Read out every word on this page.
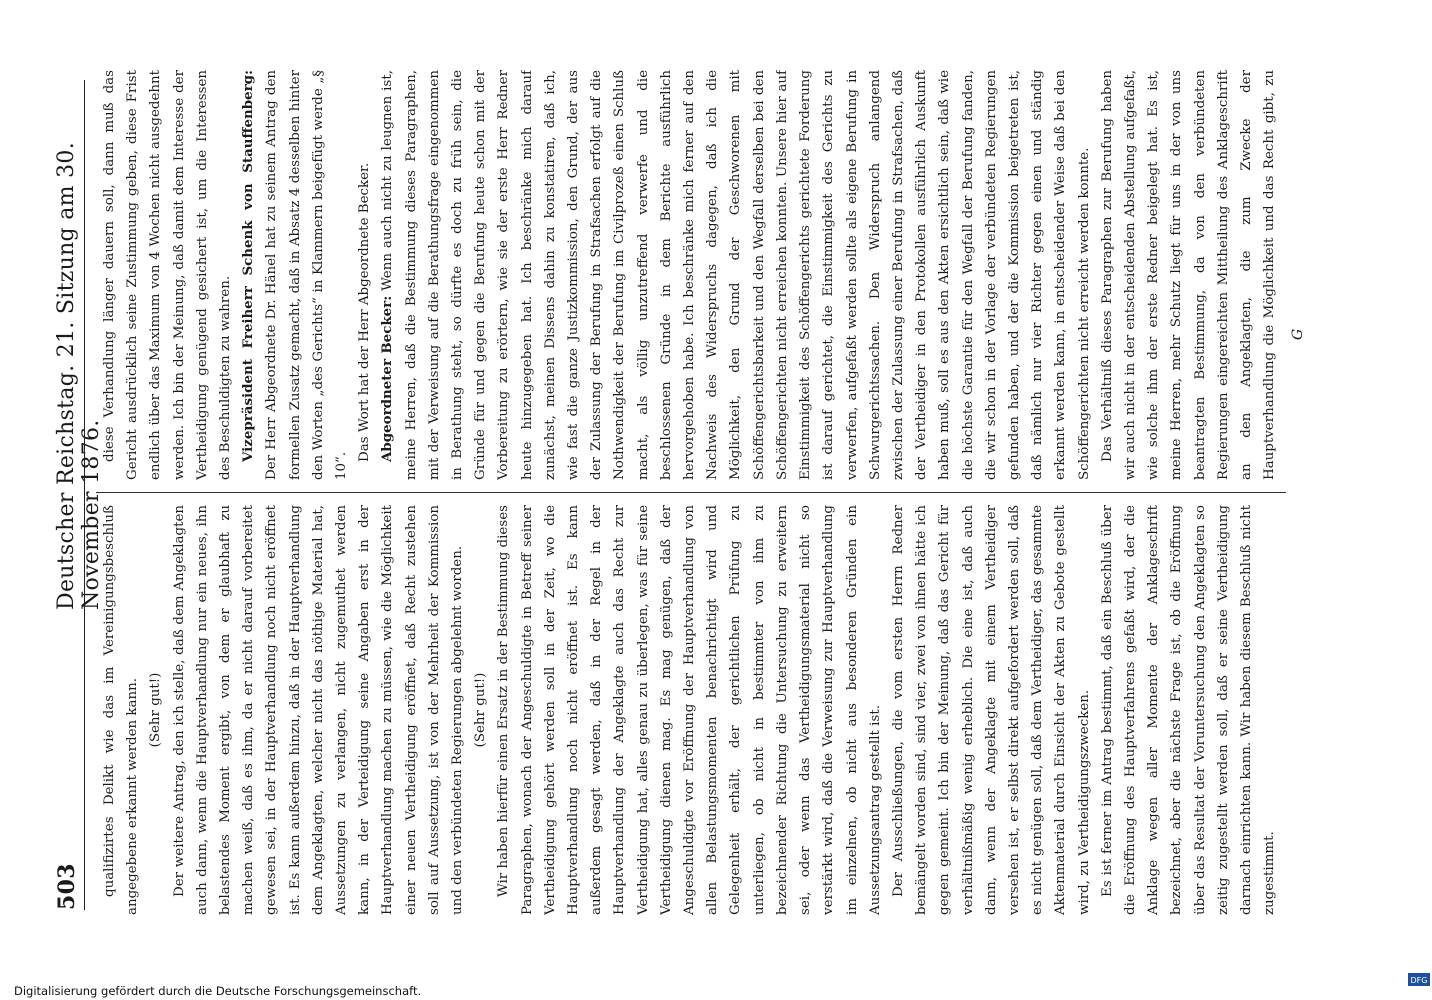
503
Deutscher Reichstag. 21. Sitzung am 30. November 1876.

qualifizirtes Delikt wie das im Vereinigungsbeschluß angegebene erkannt werden kann. (Sehr gut!) Der weitere Antrag, den ich stelle, daß dem Angeklagten auch dann, wenn die Hauptverhandlung nur ein neues, ihn belastendes Moment ergibt, von dem er glaubhaft zu machen weiß, daß es ihm, da er nicht darauf vorbereitet gewesen sei, in der Hauptverhandlung noch nicht eröffnet ist. Es kann außerdem hinzu, daß in der Hauptverhandlung dem Angeklagten, welcher nicht das nöthige Material hat, Aussetzungen zu verlangen, nicht zugemuthet werden kann, in der Verteidigung seine Angaben erst in der Hauptverhandlung machen zu müssen, wie die Möglichkeit einer neuen Vertheidigung eröffnet, daß Recht zustehen soll auf Aussetzung, ist von der Mehrheit der Kommission und den verbündeten Regierungen abgelehnt worden. (Sehr gut!) Wir haben hierfür einen Ersatz in der Bestimmung dieses Paragraphen, wonach der Angeschuldigte in Betreff seiner Vertheidigung gehört werden soll in der Zeit, wo die Hauptverhandlung noch nicht eröffnet ist. Es kann außerdem gesagt werden, daß in der Regel in der Hauptverhandlung der Angeklagte auch das Recht zur Vertheidigung hat, alles genau zu überlegen, was für seine Vertheidigung dienen mag. Es mag genügen, daß der Angeschuldigte vor Eröffnung der Hauptverhandlung von allen Belastungsmomenten benachrichtigt wird und Gelegenheit erhält, der gerichtlichen Prüfung zu unterliegen, ob nicht in bestimmter von ihm zu bezeichnender Richtung die Untersuchung zu erweitern sei, oder wenn das Vertheidigungsmaterial nicht so verstärkt wird, daß die Verweisung zur Hauptverhandlung im einzelnen, ob nicht aus besonderen Gründen ein Aussetzungsantrag gestellt ist. Der Ausschließungen, die vom ersten Herrn Redner bemängelt worden sind, sind vier, zwei von ihnen hätte ich gegen gemeint. Ich bin der Meinung, daß das Gericht für verhältnißmäßig wenig erheblich. Die eine ist, daß auch dann, wenn der Angeklagte mit einem Vertheidiger versehen ist, er selbst direkt aufgefordert werden soll, daß es nicht genügen soll, daß dem Vertheidiger, das gesammte Aktenmaterial durch Einsicht der Akten zu Gebote gestellt wird, zu Vertheidigungszwecken. Es ist ferner im Antrag bestimmt, daß ein Beschluß über die Eröffnung des Hauptverfahrens gefaßt wird, der die Anklage wegen aller Momente der Anklageschrift bezeichnet, aber die nächste Frage ist, ob die Eröffnung über das Resultat der Voruntersuchung den Angeklagten so zeitig zugestellt werden soll, daß er seine Vertheidigung darnach einrichten kann. Wir haben diesem Beschluß nicht zugestimmt.

diese Verhandlung länger dauern soll, dann muß das Gericht ausdrücklich seine Zustimmung geben, diese Frist endlich über das Maximum von 4 Wochen nicht ausgedehnt werden. Ich bin der Meinung, daß damit dem Interesse der Vertheidigung genügend gesichert ist, um die Interessen des Beschuldigten zu wahren. Vizepräsident Freiherr Schenk von Stauffenberg: Der Herr Abgeordnete Dr. Hänel hat zu seinem Antrag den formellen Zusatz gemacht, daß in Absatz 4 desselben hinter den Worten „des Gerichts“ in Klammern beigefügt werde „§ 10“.

Das Wort hat der Herr Abgeordnete Becker. Abgeordneter Becker: Wenn auch nicht zu leugnen ist, meine Herren, daß die Bestimmung dieses Paragraphen, mit der Verweisung auf die Berathungsfrage eingenommen in Berathung steht, so dürfte es doch zu früh sein, die Gründe für und gegen die Berufung heute schon mit der Vorbereitung zu erörtern, wie sie der erste Herr Redner heute hinzugegeben hat. Ich beschränke mich darauf zunächst, meinen Dissens dahin zu konstatiren, daß ich, wie fast die ganze Justizkommission, den Grund, der aus der Zulassung der Berufung in Strafsachen erfolgt auf die Nothwendigkeit der Berufung im Civilprozeß einen Schluß macht, als völlig unzutreffend verwerfe und die beschlossenen Gründe in dem Berichte ausführlich hervorgehoben habe. Ich beschränke mich ferner auf den Nachweis des Widerspruchs dagegen, daß ich die Möglichkeit, den Grund der Geschworenen mit Schöffengerichtsbarkeit und den Wegfall derselben bei den Schöffengerichten nicht erreichen konnten. Unsere hier auf Einstimmigkeit des Schöffengerichts gerichtete Forderung ist darauf gerichtet, die Einstimmigkeit des Gerichts zu verwerfen, aufgefaßt werden sollte als eigene Berufung in Schwurgerichtssachen. Den Widerspruch anlangend zwischen der Zulassung einer Berufung in Strafsachen, daß der Vertheidiger in den Protokollen ausführlich Auskunft haben muß, soll es aus den Akten ersichtlich sein, daß wie die höchste Garantie für den Wegfall der Berufung fanden, die wir schon in der Vorlage der verbündeten Regierungen gefunden haben, und der die Kommission beigetreten ist, daß nämlich nur vier Richter gegen einen und ständig erkannt werden kann, in entscheidender Weise daß bei den Schöffengerichten nicht erreicht werden konnte. Das Verhältniß dieses Paragraphen zur Berufung haben wir auch nicht in der entscheidenden Abstellung aufgefaßt, wie solche ihm der erste Redner beigelegt hat. Es ist, meine Herren, mehr Schutz liegt für uns in der von uns beantragten Bestimmung, da von den verbündeten Regierungen eingereichten Mittheilung des Anklageschrift an den Angeklagten, die zum Zwecke der Hauptverhandlung die Möglichkeit und das Recht gibt, zu

G
Digitalisierung gefördert durch die Deutsche Forschungsgemeinschaft.
DFG
